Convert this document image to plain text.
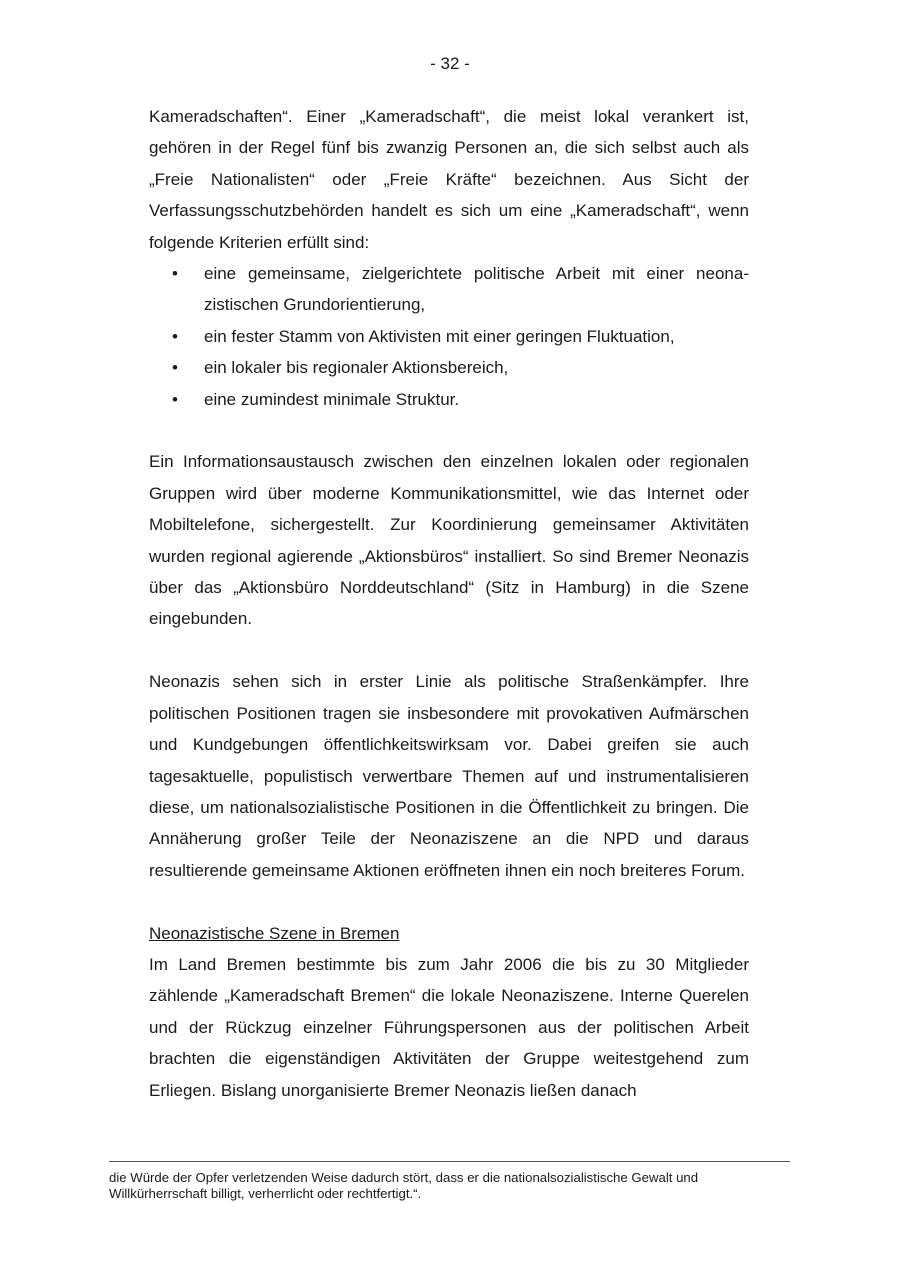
- 32 -

Kameradschaften“. Einer „Kameradschaft“, die meist lokal verankert ist, gehören in der Regel fünf bis zwanzig Personen an, die sich selbst auch als „Freie Nationalisten“ oder „Freie Kräfte“ bezeichnen. Aus Sicht der Verfassungsschutzbehörden handelt es sich um eine „Kameradschaft“, wenn folgende Kriterien erfüllt sind:

• eine gemeinsame, zielgerichtete politische Arbeit mit einer neonazistischen Grundorientierung,
• ein fester Stamm von Aktivisten mit einer geringen Fluktuation,
• ein lokaler bis regionaler Aktionsbereich,
• eine zumindest minimale Struktur.

Ein Informationsaustausch zwischen den einzelnen lokalen oder regionalen Gruppen wird über moderne Kommunikationsmittel, wie das Internet oder Mobiltelefone, sichergestellt. Zur Koordinierung gemeinsamer Aktivitäten wurden regional agierende „Aktionsbüros“ installiert. So sind Bremer Neonazis über das „Aktionsbüro Norddeutschland“ (Sitz in Hamburg) in die Szene eingebunden.

Neonazis sehen sich in erster Linie als politische Straßenkämpfer. Ihre politischen Positionen tragen sie insbesondere mit provokativen Aufmärschen und Kundgebungen öffentlichkeitswirksam vor. Dabei greifen sie auch tagesaktuelle, populistisch verwertbare Themen auf und instrumentalisieren diese, um nationalsozialistische Positionen in die Öffentlichkeit zu bringen. Die Annäherung großer Teile der Neonaziszene an die NPD und daraus resultierende gemeinsame Aktionen eröffneten ihnen ein noch breiteres Forum.

Neonazistische Szene in Bremen

Im Land Bremen bestimmte bis zum Jahr 2006 die bis zu 30 Mitglieder zählende „Kameradschaft Bremen“ die lokale Neonaziszene. Interne Querelen und der Rückzug einzelner Führungspersonen aus der politischen Arbeit brachten die eigenständigen Aktivitäten der Gruppe weitestgehend zum Erliegen. Bislang unorganisierte Bremer Neonazis ließen danach

die Würde der Opfer verletzenden Weise dadurch stört, dass er die nationalsozialistische Gewalt und Willkürherrschaft billigt, verherrlicht oder rechtfertigt.“.
